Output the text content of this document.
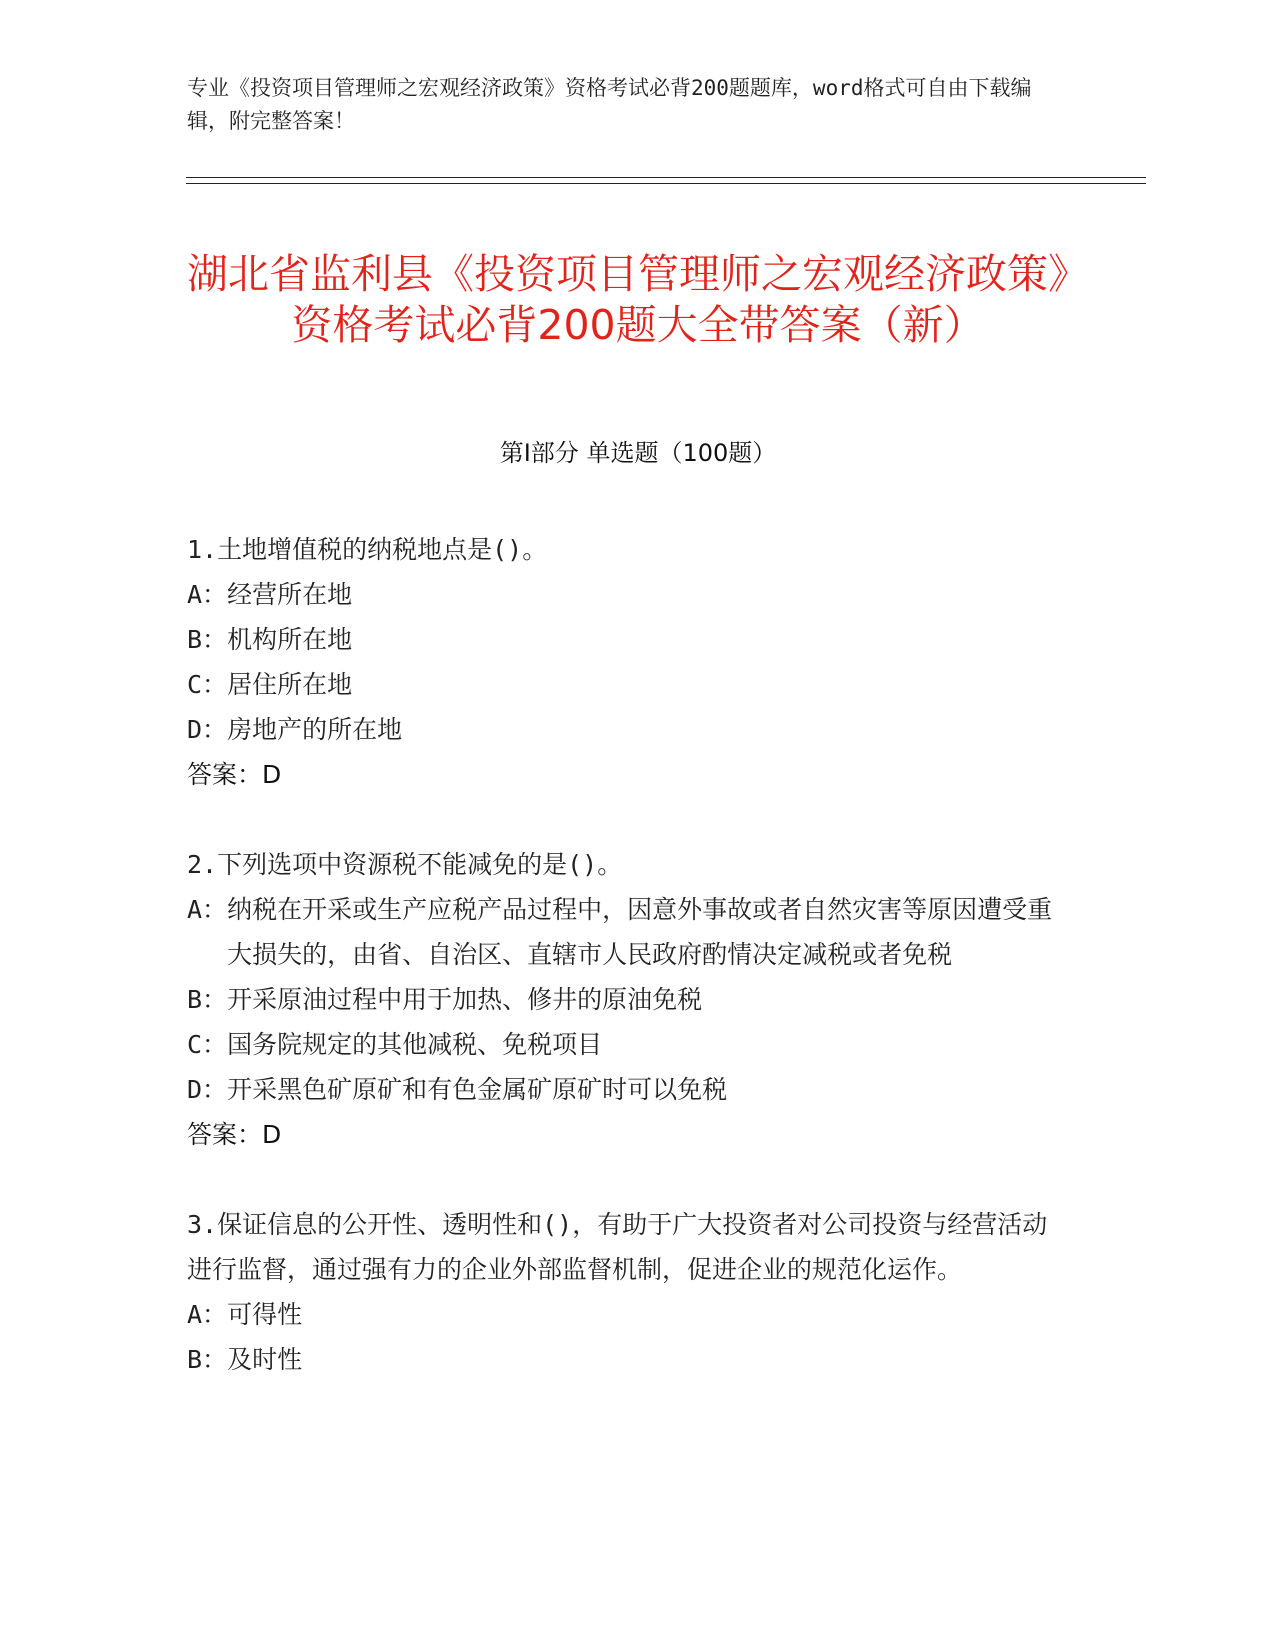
专业《投资项目管理师之宏观经济政策》资格考试必背200题题库，word格式可自由下载编辑，附完整答案！
湖北省监利县《投资项目管理师之宏观经济政策》资格考试必背200题大全带答案（新）
第Ⅰ部分 单选题（100题）

1.土地增值税的纳税地点是()。

A： 经营所在地
B： 机构所在地
C： 居住所在地
D： 房地产的所在地
答案：D

2.下列选项中资源税不能减免的是()。

A： 纳税在开采或生产应税产品过程中，因意外事故或者自然灾害等原因遭受重大损失的，由省、自治区、直辖市人民政府酌情决定减税或者免税
B： 开采原油过程中用于加热、修井的原油免税
C： 国务院规定的其他减税、免税项目
D： 开采黑色矿原矿和有色金属矿原矿时可以免税
答案：D

3.保证信息的公开性、透明性和()，有助于广大投资者对公司投资与经营活动进行监督，通过强有力的企业外部监督机制，促进企业的规范化运作。

A： 可得性
B： 及时性
